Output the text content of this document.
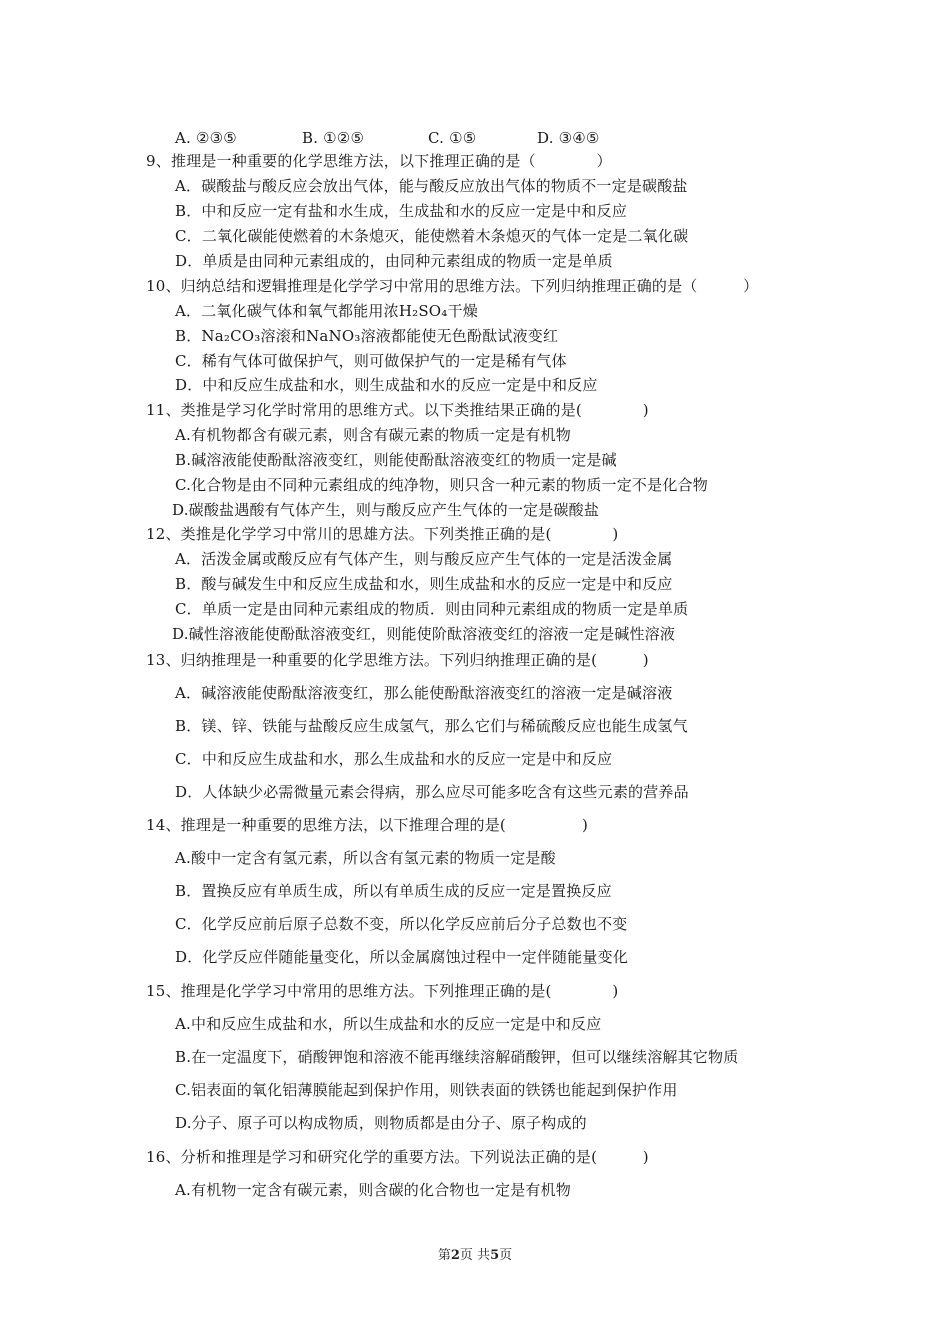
A. ②③⑤

	B. ①②⑤

	C. ①⑤

	D. ③④⑤

9、推理是一种重要的化学思维方法，以下推理正确的是（　　　　）
A．碳酸盐与酸反应会放出气体，能与酸反应放出气体的物质不一定是碳酸盐
B．中和反应一定有盐和水生成，生成盐和水的反应一定是中和反应
C．二氧化碳能使燃着的木条熄灭，能使燃着木条熄灭的气体一定是二氧化碳
D．单质是由同种元素组成的，由同种元素组成的物质一定是单质
10、归纳总结和逻辑推理是化学学习中常用的思维方法。下列归纳推理正确的是（　　　）
A．二氧化碳气体和氧气都能用浓H₂SO₄干燥
B．Na₂CO₃溶滚和NaNO₃溶液都能使无色酚酞试液变红
C．稀有气体可做保护气，则可做保护气的一定是稀有气体
D．中和反应生成盐和水，则生成盐和水的反应一定是中和反应
11、类推是学习化学时常用的思维方式。以下类推结果正确的是(　　　　)
A.有机物都含有碳元素，则含有碳元素的物质一定是有机物
B.碱溶液能使酚酞溶液变红，则能使酚酞溶液变红的物质一定是碱
C.化合物是由不同种元素组成的纯净物，则只含一种元素的物质一定不是化合物
D.碳酸盐遇酸有气体产生，则与酸反应产生气体的一定是碳酸盐
12、类推是化学学习中常川的思雄方法。下列类推正确的是(　　　　)
A．活泼金属或酸反应有气体产生，则与酸反应产生气体的一定是活泼金属
B．酸与碱发生中和反应生成盐和水，则生成盐和水的反应一定是中和反应
C．单质一定是由同种元素组成的物质．则由同种元素组成的物质一定是单质
D.碱性溶液能使酚酞溶液变红，则能使阶酞溶液变红的溶液一定是碱性溶液
13、归纳推理是一种重要的化学思维方法。下列归纳推理正确的是(　　　)
A．碱溶液能使酚酞溶液变红，那么能使酚酞溶液变红的溶液一定是碱溶液
B．镁、锌、铁能与盐酸反应生成氢气，那么它们与稀硫酸反应也能生成氢气
C．中和反应生成盐和水，那么生成盐和水的反应一定是中和反应
D．人体缺少必需微量元素会得病，那么应尽可能多吃含有这些元素的营养品
14、推理是一种重要的思维方法，以下推理合理的是(　　　　　)
A.酸中一定含有氢元素，所以含有氢元素的物质一定是酸
B．置换反应有单质生成，所以有单质生成的反应一定是置换反应
C．化学反应前后原子总数不变，所以化学反应前后分子总数也不变
D．化学反应伴随能量变化，所以金属腐蚀过程中一定伴随能量变化
15、推理是化学学习中常用的思维方法。下列推理正确的是(　　　　)
A.中和反应生成盐和水，所以生成盐和水的反应一定是中和反应
B.在一定温度下，硝酸钾饱和溶液不能再继续溶解硝酸钾，但可以继续溶解其它物质
C.铝表面的氧化铝薄膜能起到保护作用，则铁表面的铁锈也能起到保护作用
D.分子、原子可以构成物质，则物质都是由分子、原子构成的
16、分析和推理是学习和研究化学的重要方法。下列说法正确的是(　　　)
A.有机物一定含有碳元素，则含碳的化合物也一定是有机物
第2页 共5页
